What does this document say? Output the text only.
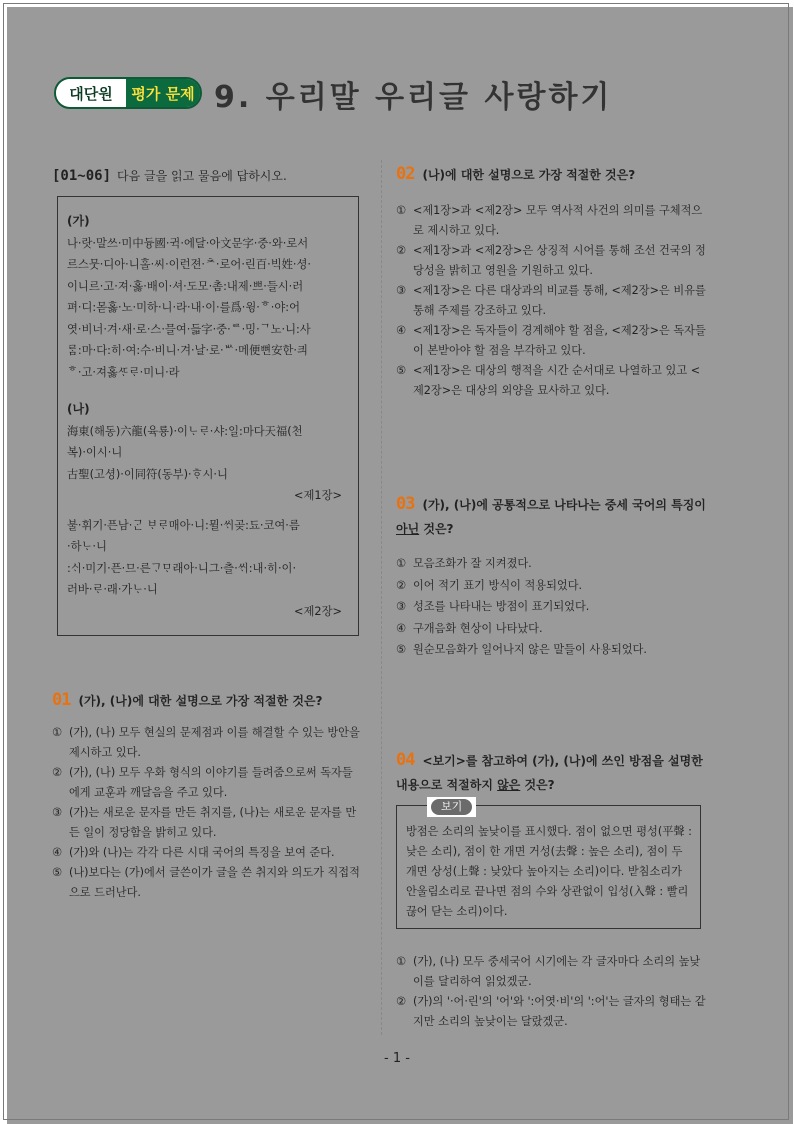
대단원	평가 문제 9. 우리말 우리글 사랑하기
[01~06] 다음 글을 읽고 물음에 답하시오.

(가)

나·랏·말쓰·미中듕國·귁·에달·아文문字·중·와·로서

르스뭇·디아·니홀·씨·이런젼·ᄎ·로어·린百·빅姓·셩·

이니르·고·져·홇·배이·셔·도모·촘:내제·쁘·들시·러

펴·디:몯홇·노·미하·니·라·내·이·를爲·윙·ᄒ·야:어

엿·비너·겨·새·로·스·믈여·듧字·중·ᄅ·밍·ᄀ노·니:사

ᄅᆞᆷ:마·다:히·여:수·비니·겨·날·로·ᄡ·메便뼌安한·킈

ᄒ·고·져홇ᄯᆞᄅᆞ·미니·라

(나)

海東(해동)六龍(육룡)·이ᄂᆞᄅᆞ·샤:일:마다天福(천

복)·이시·니

古聖(고셩)·이同符(동부)·ᄒᆞ시·니

<제1장>

불·휘기·픈남·ᄀᆞᆫ ᄇᆞᄅᆞ매아·니:뮐·ᄊᆡ곶:됴·코여·름

·하ᄂᆞ·니

:ᄉᆡ·미기·픈·므·른ᄀᆞᄆᆞ래아·니그·츨·ᄊᆡ:내·히·이·

러바·ᄅᆞ·래·가ᄂᆞ·니

<제2장>

01 (가), (나)에 대한 설명으로 가장 적절한 것은?
① (가), (나) 모두 현실의 문제점과 이를 해결할 수 있는 방안을 제시하고 있다.
② (가), (나) 모두 우화 형식의 이야기를 들려줌으로써 독자들에게 교훈과 깨달음을 주고 있다.
③ (가)는 새로운 문자를 만든 취지를, (나)는 새로운 문자를 만든 일이 정당함을 밝히고 있다.
④ (가)와 (나)는 각각 다른 시대 국어의 특징을 보여 준다.
⑤ (나)보다는 (가)에서 글쓴이가 글을 쓴 취지와 의도가 직접적으로 드러난다.
02 (나)에 대한 설명으로 가장 적절한 것은?
① <제1장>과 <제2장> 모두 역사적 사건의 의미를 구체적으로 제시하고 있다.
② <제1장>과 <제2장>은 상징적 시어를 통해 조선 건국의 정당성을 밝히고 영원을 기원하고 있다.
③ <제1장>은 다른 대상과의 비교를 통해, <제2장>은 비유를 통해 주제를 강조하고 있다.
④ <제1장>은 독자들이 경계해야 할 점을, <제2장>은 독자들이 본받아야 할 점을 부각하고 있다.
⑤ <제1장>은 대상의 행적을 시간 순서대로 나열하고 있고 <제2장>은 대상의 외양을 묘사하고 있다.
03 (가), (나)에 공통적으로 나타나는 중세 국어의 특징이 아닌 것은?
① 모음조화가 잘 지켜졌다.
② 이어 적기 표기 방식이 적용되었다.
③ 성조를 나타내는 방점이 표기되었다.
④ 구개음화 현상이 나타났다.
⑤ 원순모음화가 일어나지 않은 말들이 사용되었다.
04 <보기>를 참고하여 (가), (나)에 쓰인 방점을 설명한 내용으로 적절하지 않은 것은?
보기
방점은 소리의 높낮이를 표시했다. 점이 없으면 평성(平聲 : 낮은 소리), 점이 한 개면 거성(去聲 : 높은 소리), 점이 두 개면 상성(上聲 : 낮았다 높아지는 소리)이다. 받침소리가 안울림소리로 끝나면 점의 수와 상관없이 입성(入聲 : 빨리 끊어 닫는 소리)이다.
① (가), (나) 모두 중세국어 시기에는 각 글자마다 소리의 높낮이를 달리하여 읽었겠군.
② (가)의 '·어·린'의 '어'와 ':어엿·비'의 ':어'는 글자의 형태는 같지만 소리의 높낮이는 달랐겠군.
- 1 -
